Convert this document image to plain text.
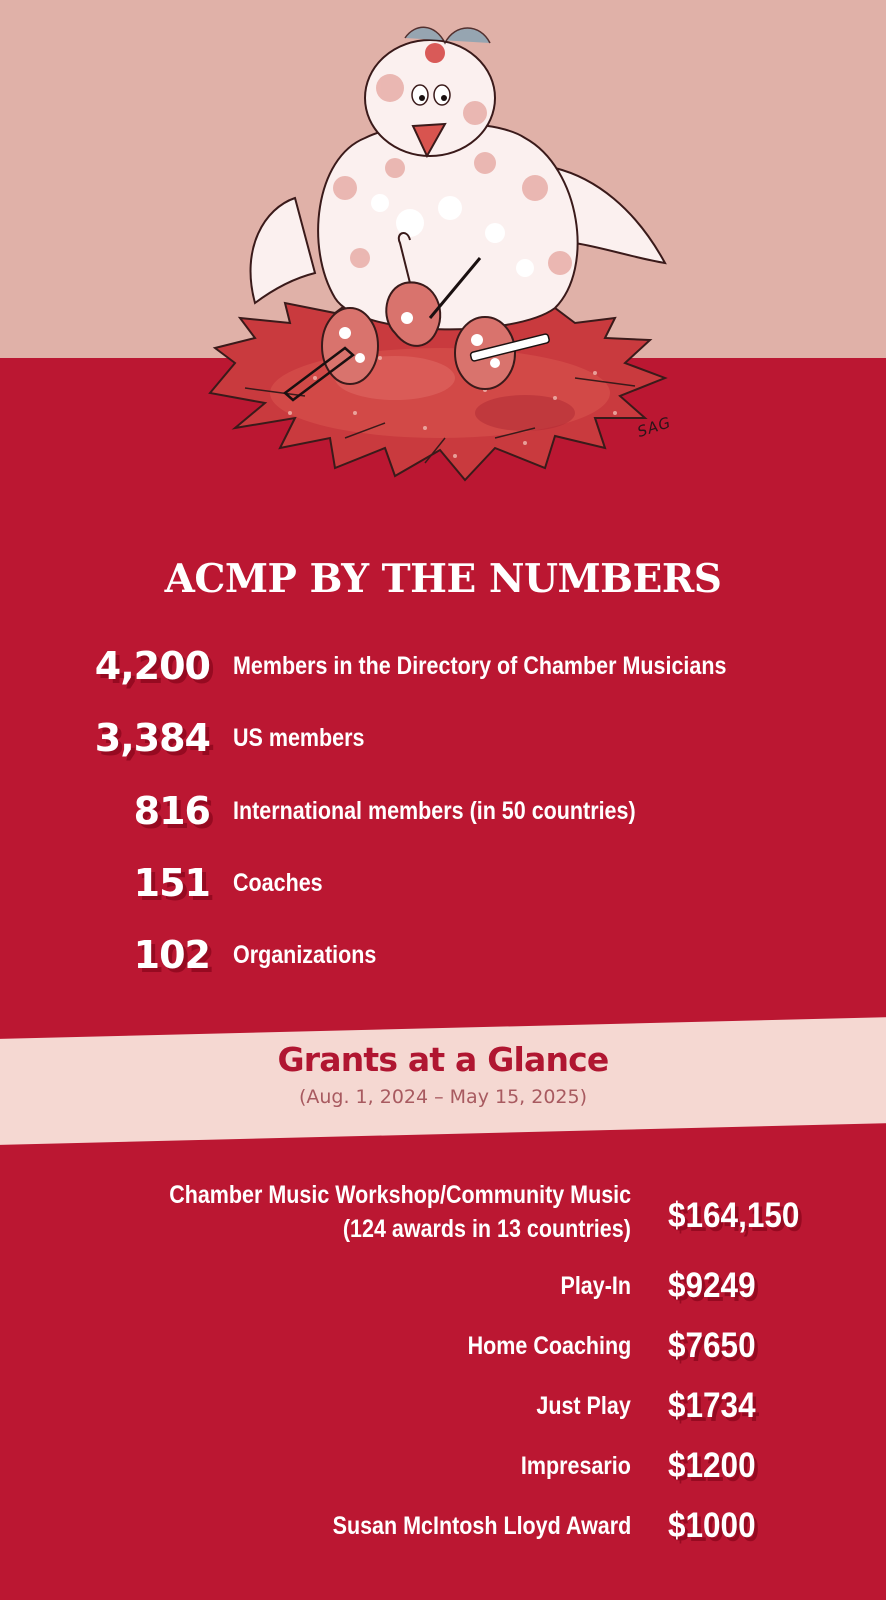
SAG
ACMP BY THE NUMBERS
4,200 Members in the Directory of Chamber Musicians
3,384 US members
816 International members (in 50 countries)
151 Coaches
102 Organizations
Grants at a Glance
(Aug. 1, 2024 – May 15, 2025)
Chamber Music Workshop/Community Music
(124 awards in 13 countries) $164,150
Play-In $9249
Home Coaching $7650
Just Play $1734
Impresario $1200
Susan McIntosh Lloyd Award $1000
